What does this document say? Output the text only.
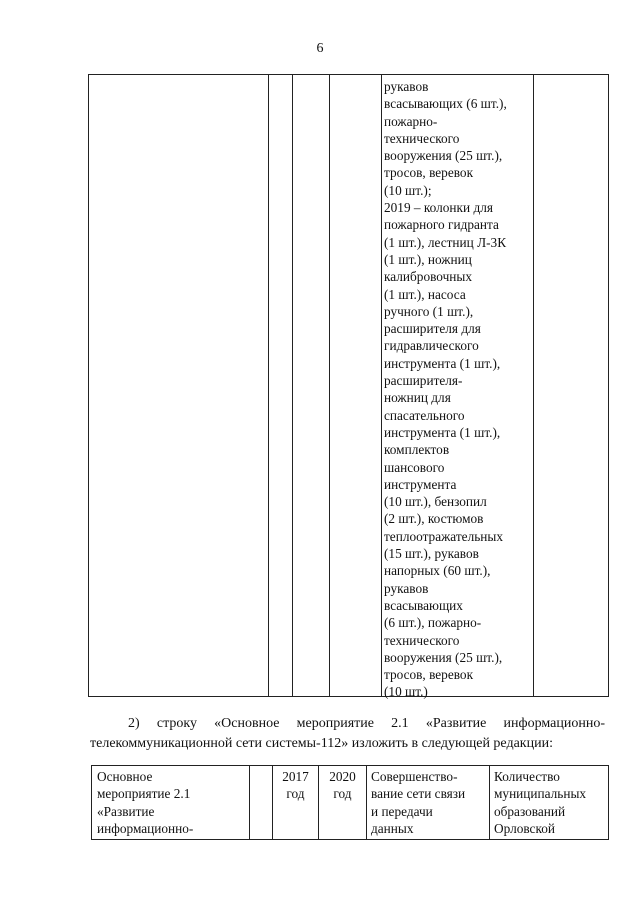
6
рукавов
всасывающих (6 шт.),
пожарно-
технического
вооружения (25 шт.),
тросов, веревок
(10 шт.);
2019 – колонки для
пожарного гидранта
(1 шт.), лестниц Л-3К
(1 шт.), ножниц
калибровочных
(1 шт.), насоса
ручного (1 шт.),
расширителя для
гидравлического
инструмента (1 шт.),
расширителя-
ножниц для
спасательного
инструмента (1 шт.),
комплектов
шансового
инструмента
(10 шт.), бензопил
(2 шт.), костюмов
теплоотражательных
(15 шт.), рукавов
напорных (60 шт.),
рукавов
всасывающих
(6 шт.), пожарно-
технического
вооружения (25 шт.),
тросов, веревок
(10 шт.)
2) строку «Основное мероприятие 2.1 «Развитие информационно-
телекоммуникационной сети системы-112» изложить в следующей редакции:
Основное
мероприятие 2.1
«Развитие
информационно-
2017
год
2020
год
Совершенство-
вание сети связи
и передачи
данных
Количество
муниципальных
образований
Орловской
